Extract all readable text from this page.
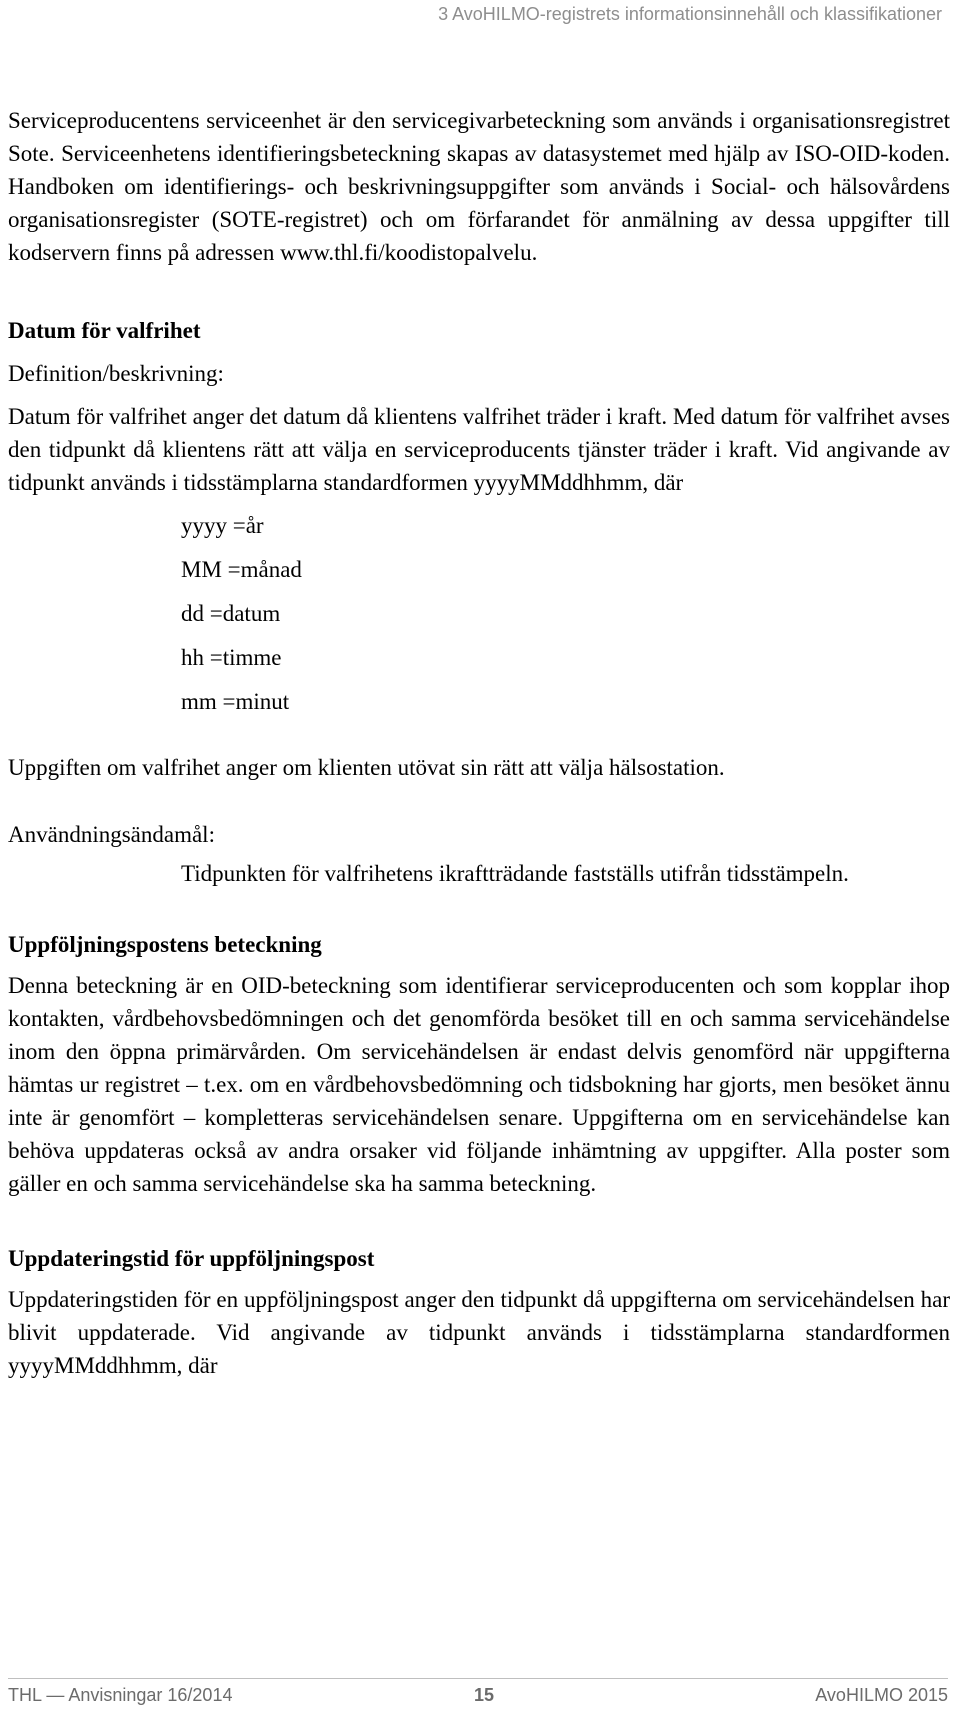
3 AvoHILMO-registrets informationsinnehåll och klassifikationer

Serviceproducentens serviceenhet är den servicegivarbeteckning som används i organisationsregistret Sote. Serviceenhetens identifieringsbeteckning skapas av datasystemet med hjälp av ISO-OID-koden. Handboken om identifierings- och beskrivningsuppgifter som används i Social- och hälsovårdens organisationsregister (SOTE-registret) och om förfarandet för anmälning av dessa uppgifter till kodservern finns på adressen www.thl.fi/koodistopalvelu.

Datum för valfrihet

Definition/beskrivning:

Datum för valfrihet anger det datum då klientens valfrihet träder i kraft. Med datum för valfrihet avses den tidpunkt då klientens rätt att välja en serviceproducents tjänster träder i kraft. Vid angivande av tidpunkt används i tidsstämplarna standardformen yyyyMMddhhmm, där

yyyy =år
MM =månad
dd =datum
hh =timme
mm =minut

Uppgiften om valfrihet anger om klienten utövat sin rätt att välja hälsostation.

Användningsändamål:

Tidpunkten för valfrihetens ikraftträdande fastställs utifrån tidsstämpeln.

Uppföljningspostens beteckning

Denna beteckning är en OID-beteckning som identifierar serviceproducenten och som kopplar ihop kontakten, vårdbehovsbedömningen och det genomförda besöket till en och samma servicehändelse inom den öppna primärvården. Om servicehändelsen är endast delvis genomförd när uppgifterna hämtas ur registret – t.ex. om en vårdbehovsbedömning och tidsbokning har gjorts, men besöket ännu inte är genomfört – kompletteras servicehändelsen senare. Uppgifterna om en servicehändelse kan behöva uppdateras också av andra orsaker vid följande inhämtning av uppgifter. Alla poster som gäller en och samma servicehändelse ska ha samma beteckning.

Uppdateringstid för uppföljningspost

Uppdateringstiden för en uppföljningspost anger den tidpunkt då uppgifterna om servicehändelsen har blivit uppdaterade. Vid angivande av tidpunkt används i tidsstämplarna standardformen yyyyMMddhhmm, där

THL — Anvisningar 16/2014	15	AvoHILMO 2015
